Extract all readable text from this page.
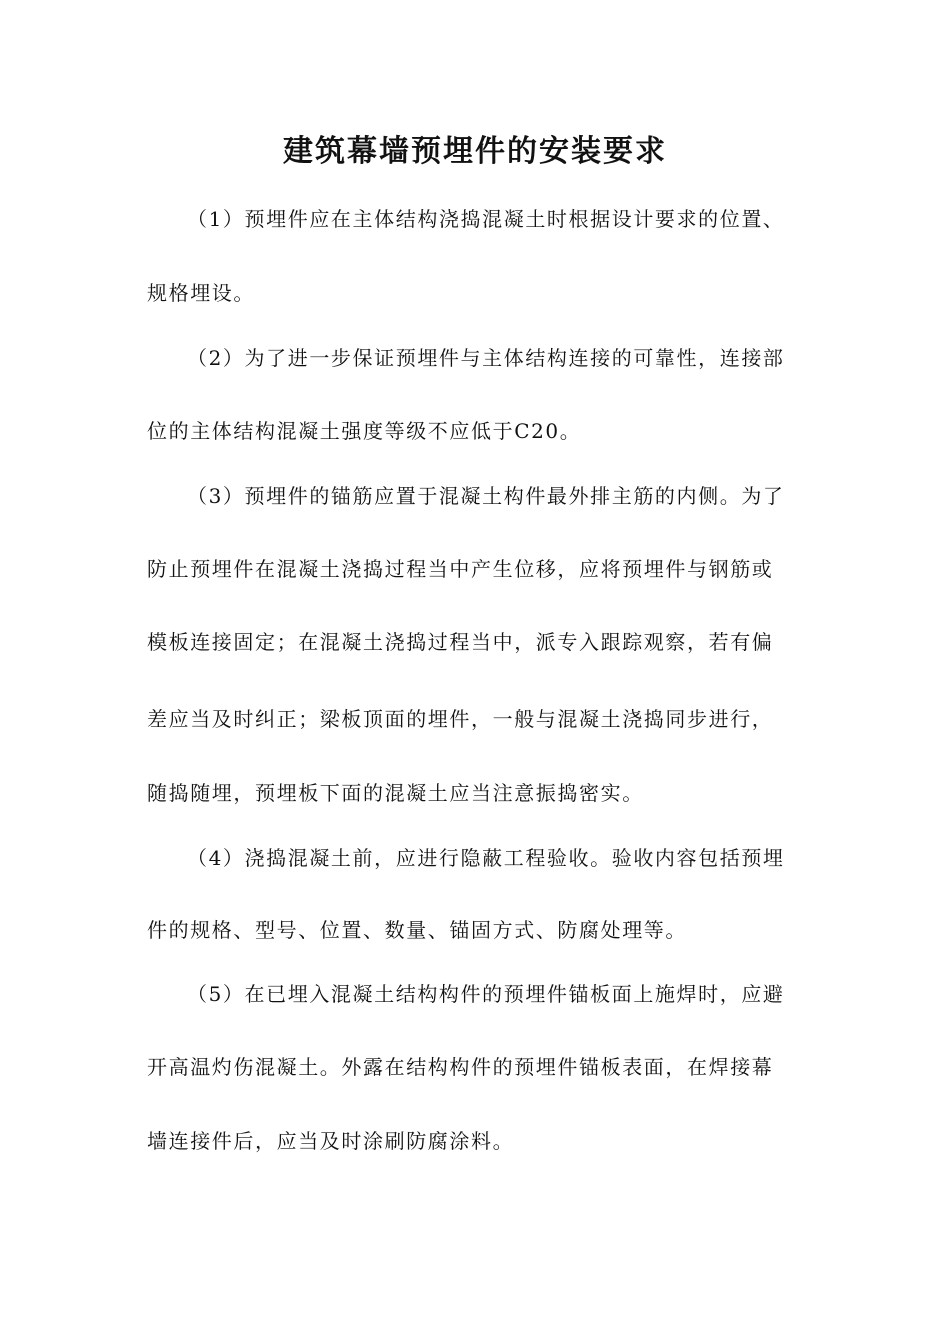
建筑幕墙预埋件的安装要求

（1）预埋件应在主体结构浇捣混凝土时根据设计要求的位置、

规格埋设。

（2）为了进一步保证预埋件与主体结构连接的可靠性，连接部

位的主体结构混凝土强度等级不应低于C20。

（3）预埋件的锚筋应置于混凝土构件最外排主筋的内侧。为了

防止预埋件在混凝土浇捣过程当中产生位移，应将预埋件与钢筋或

模板连接固定；在混凝土浇捣过程当中，派专入跟踪观察，若有偏

差应当及时纠正；梁板顶面的埋件，一般与混凝土浇捣同步进行，

随捣随埋，预埋板下面的混凝土应当注意振捣密实。

（4）浇捣混凝土前，应进行隐蔽工程验收。验收内容包括预埋

件的规格、型号、位置、数量、锚固方式、防腐处理等。

（5）在已埋入混凝土结构构件的预埋件锚板面上施焊时，应避

开高温灼伤混凝土。外露在结构构件的预埋件锚板表面，在焊接幕

墙连接件后，应当及时涂刷防腐涂料。
